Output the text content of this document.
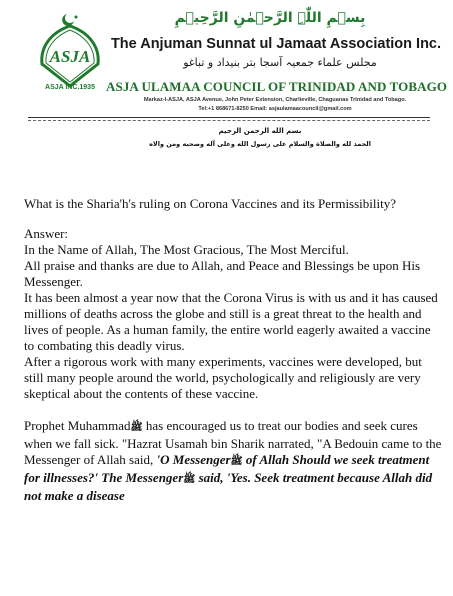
ASJA
ASJA INC.1935
بِسۡمِ اللّٰہِ الرَّحۡمٰنِ الرَّحِیۡمِ
The Anjuman Sunnat ul Jamaat Association Inc.
مجلس علماء جمعیہ آسجا بتر بنیداد و تباغو
ASJA ULAMAA COUNCIL OF TRINIDAD AND TOBAGO
Markaz-I-ASJA, ASJA Avenue, John Peter Extension, Charlieville, Chaguanas Trinidad and Tobago.
Tel:+1 868671-8250 Email: asjaulamaacouncil@gmail.com
بسم الله الرحمن الرحيم
الحمد لله والصلاة والسلام على رسول الله وعلى آله وصحبه ومن والاه

What is the Sharia'h's ruling on Corona Vaccines and its Permissibility?

Answer:

In the Name of Allah, The Most Gracious, The Most Merciful.

All praise and thanks are due to Allah, and Peace and Blessings be upon His Messenger.

It has been almost a year now that the Corona Virus is with us and it has caused millions of deaths across the globe and still is a great threat to the health and lives of people. As a human family, the entire world eagerly awaited a vaccine to combating this deadly virus.

After a rigorous work with many experiments, vaccines were developed, but still many people around the world, psychologically and religiously are very skeptical about the contents of these vaccine.

Prophet Muhammadﷺ has encouraged us to treat our bodies and seek cures when we fall sick. "Hazrat Usamah bin Sharik narrated, "A Bedouin came to the Messenger of Allah said, 'O Messengerﷺ of Allah Should we seek treatment for illnesses?' The Messengerﷺ said, 'Yes. Seek treatment because Allah did not make a disease
